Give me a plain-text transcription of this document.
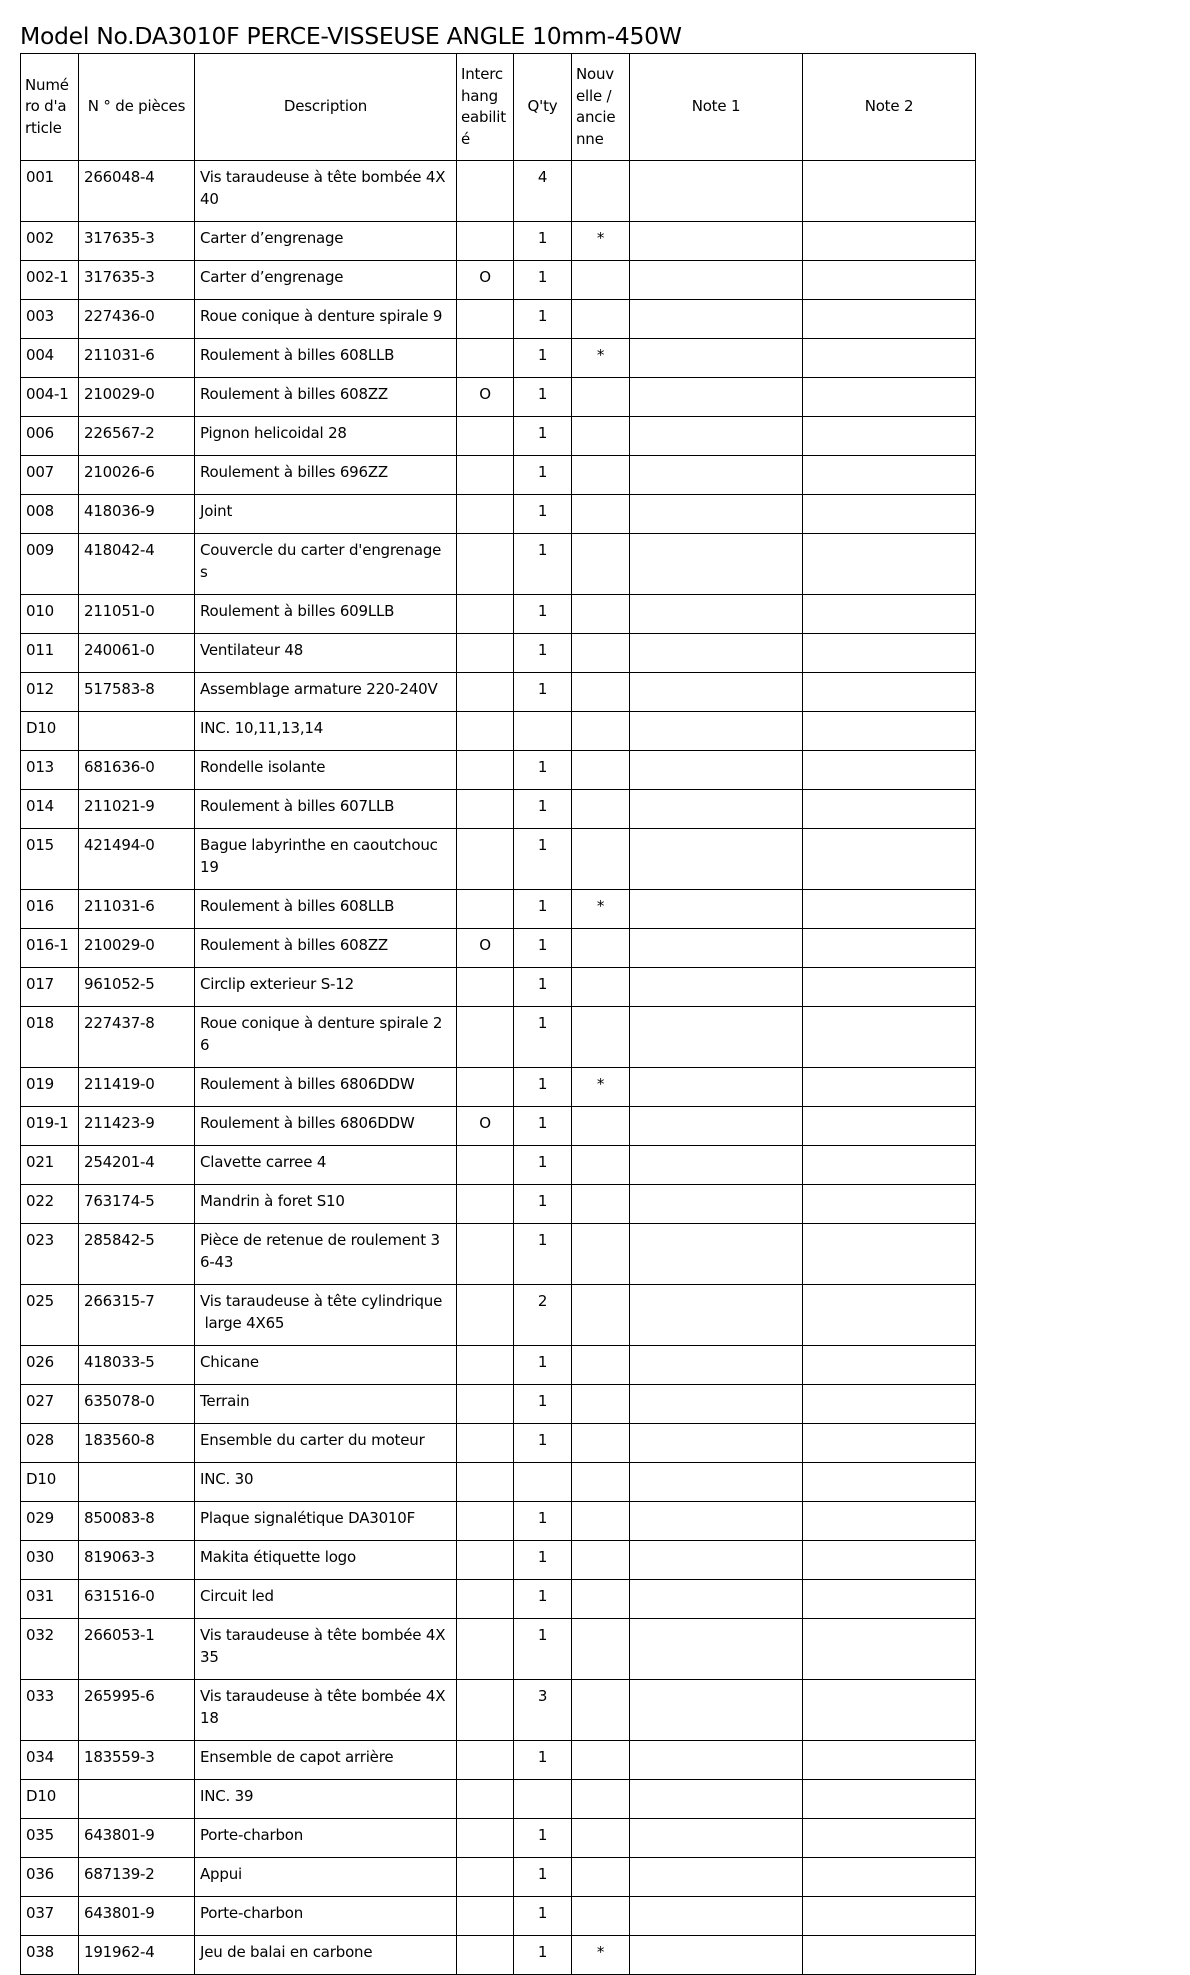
Model No.DA3010F PERCE-VISSEUSE ANGLE 10mm-450W
Numé
ro d'a
rticle	N ° de pièces	Description	Interc
hang
eabilit
é	Q'ty	Nouv
elle /
ancie
nne	Note 1	Note 2
001	266048-4	Vis taraudeuse à tête bombée 4X
40		4			
002	317635-3	Carter d’engrenage		1	*		
002-1	317635-3	Carter d’engrenage	O	1			
003	227436-0	Roue conique à denture spirale 9		1			
004	211031-6	Roulement à billes 608LLB		1	*		
004-1	210029-0	Roulement à billes 608ZZ	O	1			
006	226567-2	Pignon helicoidal 28		1			
007	210026-6	Roulement à billes 696ZZ		1			
008	418036-9	Joint		1			
009	418042-4	Couvercle du carter d'engrenage
s		1			
010	211051-0	Roulement à billes 609LLB		1			
011	240061-0	Ventilateur 48		1			
012	517583-8	Assemblage armature 220-240V		1			
D10		INC. 10,11,13,14					
013	681636-0	Rondelle isolante		1			
014	211021-9	Roulement à billes 607LLB		1			
015	421494-0	Bague labyrinthe en caoutchouc
19		1			
016	211031-6	Roulement à billes 608LLB		1	*		
016-1	210029-0	Roulement à billes 608ZZ	O	1			
017	961052-5	Circlip exterieur S-12		1			
018	227437-8	Roue conique à denture spirale 2
6		1			
019	211419-0	Roulement à billes 6806DDW		1	*		
019-1	211423-9	Roulement à billes 6806DDW	O	1			
021	254201-4	Clavette carree 4		1			
022	763174-5	Mandrin à foret S10		1			
023	285842-5	Pièce de retenue de roulement 3
6-43		1			
025	266315-7	Vis taraudeuse à tête cylindrique
large 4X65		2			
026	418033-5	Chicane		1			
027	635078-0	Terrain		1			
028	183560-8	Ensemble du carter du moteur		1			
D10		INC. 30					
029	850083-8	Plaque signalétique DA3010F		1			
030	819063-3	Makita étiquette logo		1			
031	631516-0	Circuit led		1			
032	266053-1	Vis taraudeuse à tête bombée 4X
35		1			
033	265995-6	Vis taraudeuse à tête bombée 4X
18		3			
034	183559-3	Ensemble de capot arrière		1			
D10		INC. 39					
035	643801-9	Porte-charbon		1			
036	687139-2	Appui		1			
037	643801-9	Porte-charbon		1			
038	191962-4	Jeu de balai en carbone		1	*		
